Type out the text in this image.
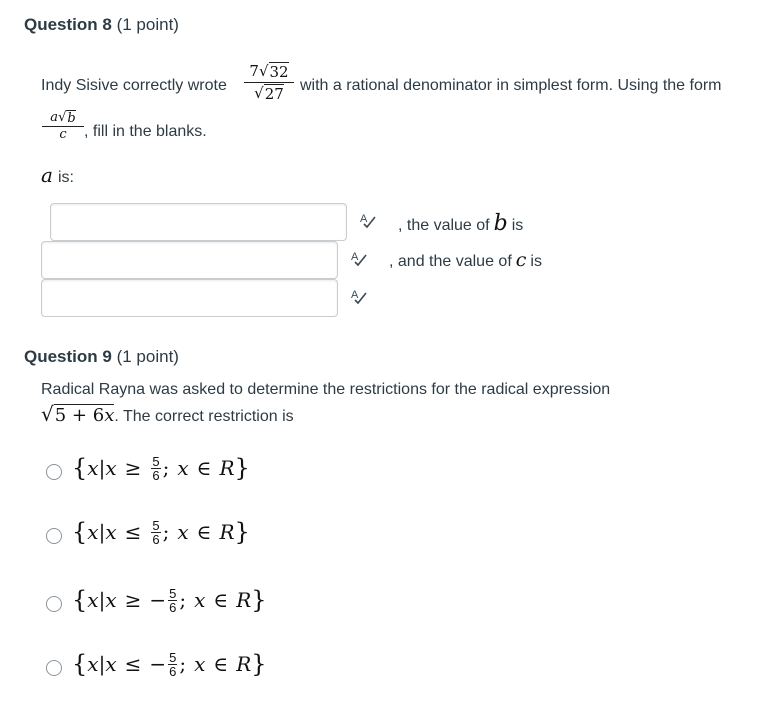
Question 8 (1 point)
Indy Sisive correctly wrote
7 √ 32
√ 27 with a rational denominator in simplest form. Using the form
a √ b
c	, fill in the blanks.
a is:
A , the value of b is
A , and the value of c is
A
Question 9 (1 point)
Radical Rayna was asked to determine the restrictions for the radical expression
√ 5 + 6x . The correct restriction is
{ x | $x \ge \frac{5}{6}$ ; x ∈ R }
{ x | $x \le \frac{5}{6}$ ; x ∈ R }
{ x | x ≥ − $\frac{5}{6}$ ; x ∈ R }
{ x | x ≤ − $\frac{5}{6}$ ; x ∈ R }
